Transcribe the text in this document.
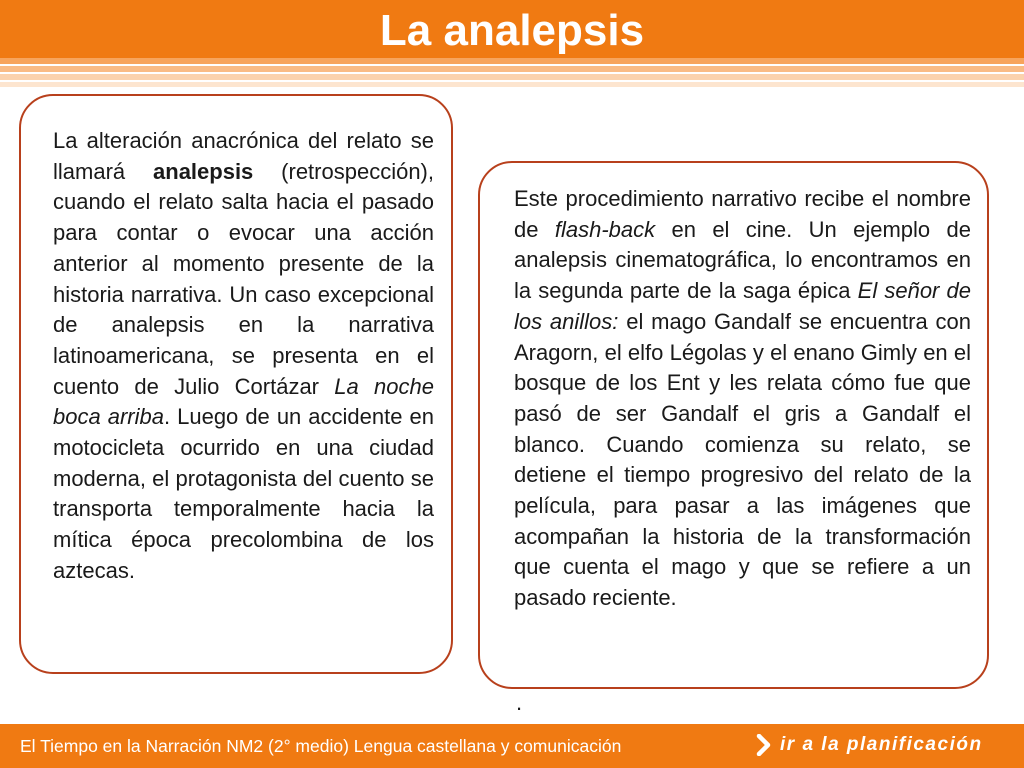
La analepsis
La alteración anacrónica del relato se llamará analepsis (retrospección), cuando el relato salta hacia el pasado para contar o evocar una acción anterior al momento presente de la historia narrativa. Un caso excepcional de analepsis en la narrativa latinoamericana, se presenta en el cuento de Julio Cortázar La noche boca arriba. Luego de un accidente en motocicleta ocurrido en una ciudad moderna, el protagonista del cuento se transporta temporalmente hacia la mítica época precolombina de los aztecas.
Este procedimiento narrativo recibe el nombre de flash-back en el cine. Un ejemplo de analepsis cinematográfica, lo encontramos en la segunda parte de la saga épica El señor de los anillos: el mago Gandalf se encuentra con Aragorn, el elfo Légolas y el enano Gimly en el bosque de los Ent y les relata cómo fue que pasó de ser Gandalf el gris a Gandalf el blanco. Cuando comienza su relato, se detiene el tiempo progresivo del relato de la película, para pasar a las imágenes que acompañan la historia de la transformación que cuenta el mago y que se refiere a un pasado reciente.
.
El Tiempo en la Narración NM2 (2° medio) Lengua castellana y comunicación	ir a la planificación
